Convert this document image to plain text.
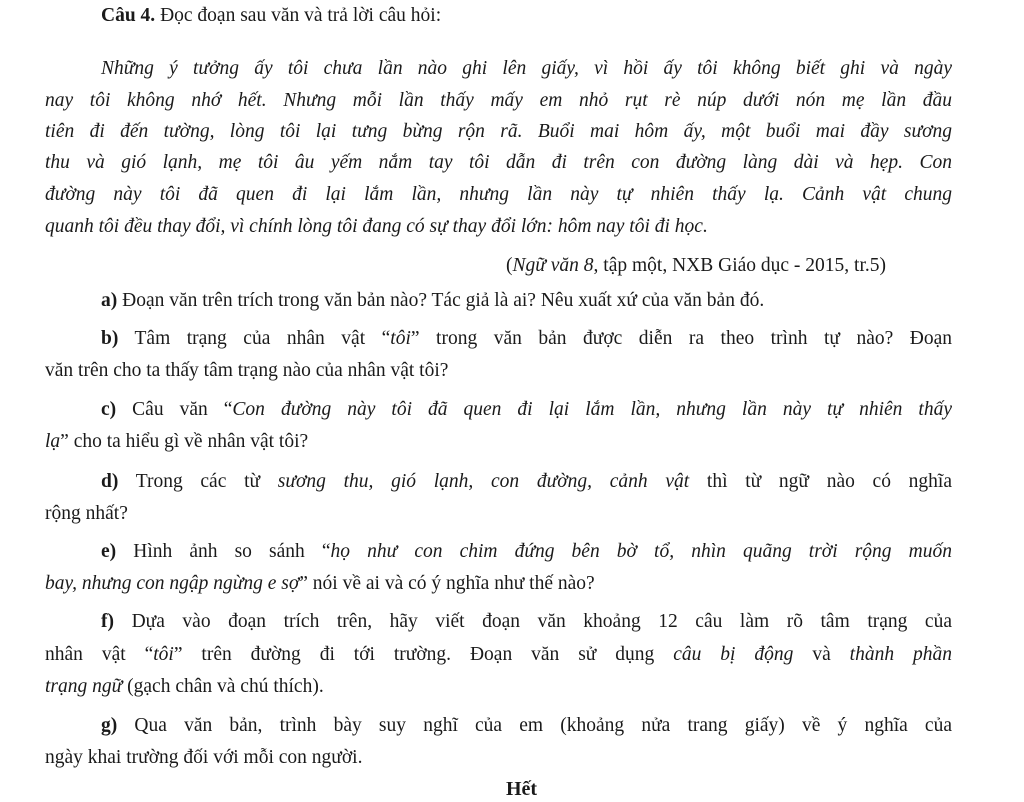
Câu 4. Đọc đoạn sau văn và trả lời câu hỏi:
Những ý tưởng ấy tôi chưa lần nào ghi lên giấy, vì hồi ấy tôi không biết ghi và ngày
nay tôi không nhớ hết. Nhưng mỗi lần thấy mấy em nhỏ rụt rè núp dưới nón mẹ lần đầu
tiên đi đến tường, lòng tôi lại tưng bừng rộn rã. Buổi mai hôm ấy, một buổi mai đầy sương
thu và gió lạnh, mẹ tôi âu yếm nắm tay tôi dẫn đi trên con đường làng dài và hẹp. Con
đường này tôi đã quen đi lại lắm lần, nhưng lần này tự nhiên thấy lạ. Cảnh vật chung
quanh tôi đều thay đổi, vì chính lòng tôi đang có sự thay đổi lớn: hôm nay tôi đi học.
(Ngữ văn 8, tập một, NXB Giáo dục - 2015, tr.5)
a) Đoạn văn trên trích trong văn bản nào? Tác giả là ai? Nêu xuất xứ của văn bản đó.
b) Tâm trạng của nhân vật “tôi” trong văn bản được diễn ra theo trình tự nào? Đoạn
văn trên cho ta thấy tâm trạng nào của nhân vật tôi?
c) Câu văn “Con đường này tôi đã quen đi lại lắm lần, nhưng lần này tự nhiên thấy
lạ” cho ta hiểu gì về nhân vật tôi?
d) Trong các từ sương thu, gió lạnh, con đường, cảnh vật thì từ ngữ nào có nghĩa
rộng nhất?
e) Hình ảnh so sánh “họ như con chim đứng bên bờ tổ, nhìn quãng trời rộng muốn
bay, nhưng con ngập ngừng e sợ” nói về ai và có ý nghĩa như thế nào?
f) Dựa vào đoạn trích trên, hãy viết đoạn văn khoảng 12 câu làm rõ tâm trạng của
nhân vật “tôi” trên đường đi tới trường. Đoạn văn sử dụng câu bị động và thành phần
trạng ngữ (gạch chân và chú thích).
g) Qua văn bản, trình bày suy nghĩ của em (khoảng nửa trang giấy) về ý nghĩa của
ngày khai trường đối với mỗi con người.
Hết
